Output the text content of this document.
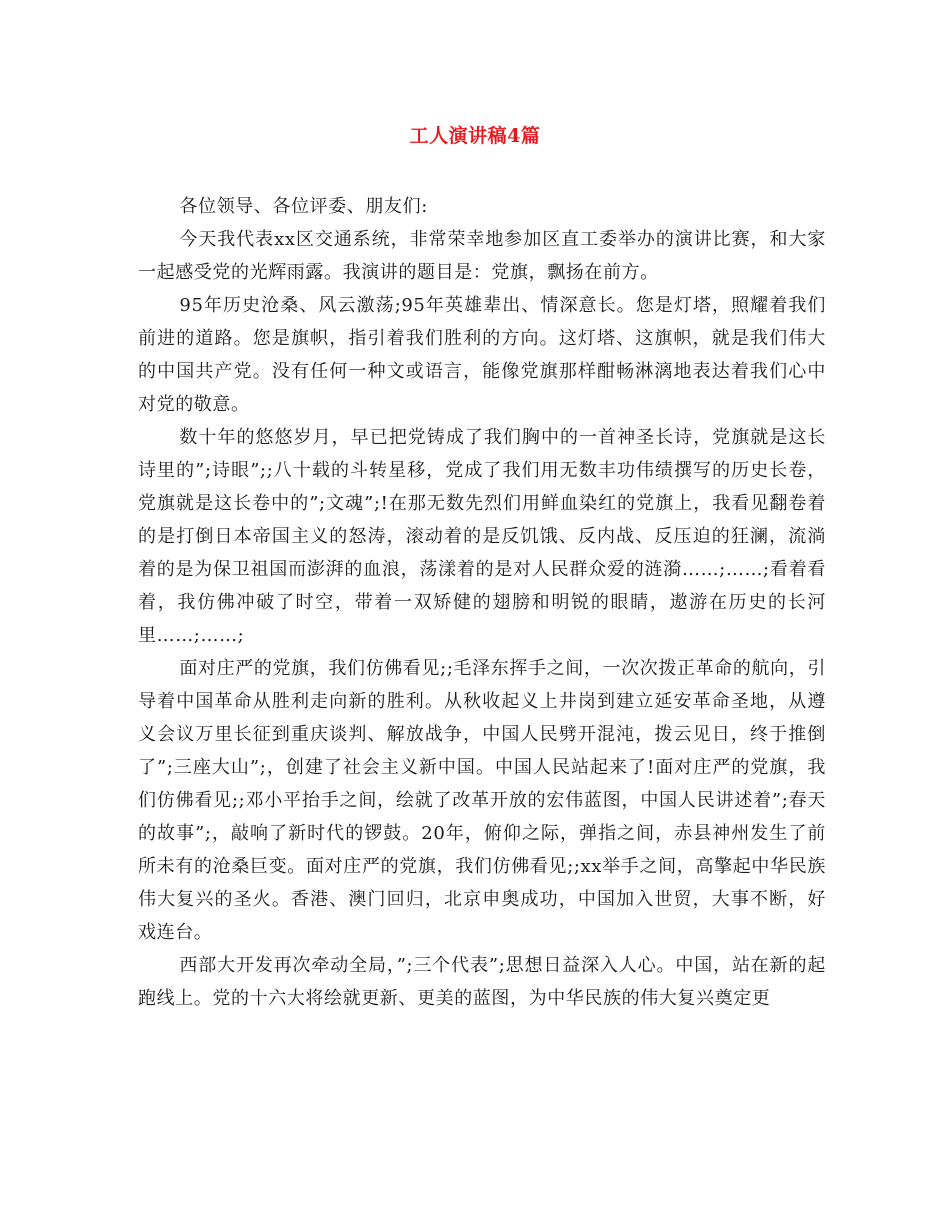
工人演讲稿4篇

各位领导、各位评委、朋友们:

今天我代表xx区交通系统，非常荣幸地参加区直工委举办的演讲比赛，和大家一起感受党的光辉雨露。我演讲的题目是：党旗，飘扬在前方。

95年历史沧桑、风云激荡;95年英雄辈出、情深意长。您是灯塔，照耀着我们前进的道路。您是旗帜，指引着我们胜利的方向。这灯塔、这旗帜，就是我们伟大的中国共产党。没有任何一种文或语言，能像党旗那样酣畅淋漓地表达着我们心中对党的敬意。

数十年的悠悠岁月，早已把党铸成了我们胸中的一首神圣长诗，党旗就是这长诗里的”;诗眼”;;八十载的斗转星移，党成了我们用无数丰功伟绩撰写的历史长卷，党旗就是这长卷中的”;文魂”;!在那无数先烈们用鲜血染红的党旗上，我看见翻卷着的是打倒日本帝国主义的怒涛，滚动着的是反饥饿、反内战、反压迫的狂澜，流淌着的是为保卫祖国而澎湃的血浪，荡漾着的是对人民群众爱的涟漪……;……;看着看着，我仿佛冲破了时空，带着一双矫健的翅膀和明锐的眼睛，遨游在历史的长河里……;……;

面对庄严的党旗，我们仿佛看见;;毛泽东挥手之间，一次次拨正革命的航向，引导着中国革命从胜利走向新的胜利。从秋收起义上井岗到建立延安革命圣地，从遵义会议万里长征到重庆谈判、解放战争，中国人民劈开混沌，拨云见日，终于推倒了”;三座大山”;，创建了社会主义新中国。中国人民站起来了!面对庄严的党旗，我们仿佛看见;;邓小平抬手之间，绘就了改革开放的宏伟蓝图，中国人民讲述着”;春天的故事”;，敲响了新时代的锣鼓。20年，俯仰之际，弹指之间，赤县神州发生了前所未有的沧桑巨变。面对庄严的党旗，我们仿佛看见;;xx举手之间，高擎起中华民族伟大复兴的圣火。香港、澳门回归，北京申奥成功，中国加入世贸，大事不断，好戏连台。

西部大开发再次牵动全局，”;三个代表”;思想日益深入人心。中国，站在新的起跑线上。党的十六大将绘就更新、更美的蓝图，为中华民族的伟大复兴奠定更
